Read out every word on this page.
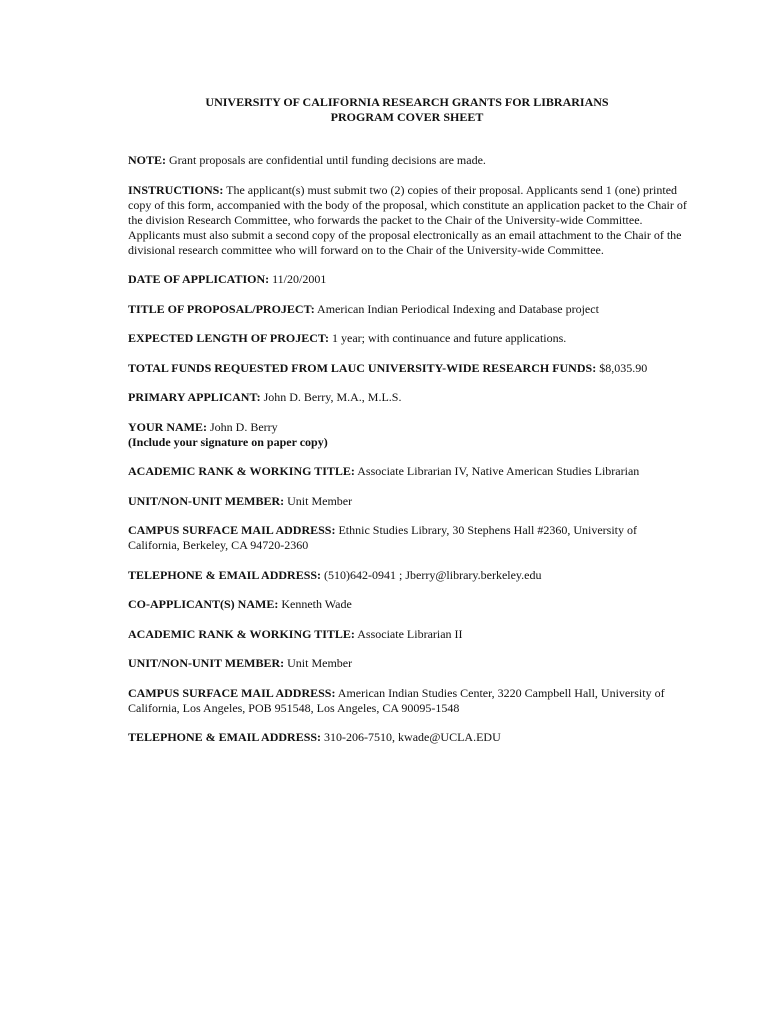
UNIVERSITY OF CALIFORNIA RESEARCH GRANTS FOR LIBRARIANS
PROGRAM COVER SHEET

NOTE: Grant proposals are confidential until funding decisions are made.

INSTRUCTIONS: The applicant(s) must submit two (2) copies of their proposal. Applicants send 1 (one) printed copy of this form, accompanied with the body of the proposal, which constitute an application packet to the Chair of the division Research Committee, who forwards the packet to the Chair of the University-wide Committee. Applicants must also submit a second copy of the proposal electronically as an email attachment to the Chair of the divisional research committee who will forward on to the Chair of the University-wide Committee.

DATE OF APPLICATION: 11/20/2001

TITLE OF PROPOSAL/PROJECT: American Indian Periodical Indexing and Database project

EXPECTED LENGTH OF PROJECT: 1 year; with continuance and future applications.

TOTAL FUNDS REQUESTED FROM LAUC UNIVERSITY-WIDE RESEARCH FUNDS: $8,035.90

PRIMARY APPLICANT: John D. Berry, M.A., M.L.S.

YOUR NAME: John D. Berry
(Include your signature on paper copy)

ACADEMIC RANK & WORKING TITLE: Associate Librarian IV, Native American Studies Librarian

UNIT/NON-UNIT MEMBER: Unit Member

CAMPUS SURFACE MAIL ADDRESS: Ethnic Studies Library, 30 Stephens Hall #2360, University of California, Berkeley, CA 94720-2360

TELEPHONE & EMAIL ADDRESS: (510)642-0941 ; Jberry@library.berkeley.edu

CO-APPLICANT(S) NAME: Kenneth Wade

ACADEMIC RANK & WORKING TITLE: Associate Librarian II

UNIT/NON-UNIT MEMBER: Unit Member

CAMPUS SURFACE MAIL ADDRESS: American Indian Studies Center, 3220 Campbell Hall, University of California, Los Angeles, POB 951548, Los Angeles, CA 90095-1548

TELEPHONE & EMAIL ADDRESS: 310-206-7510, kwade@UCLA.EDU
